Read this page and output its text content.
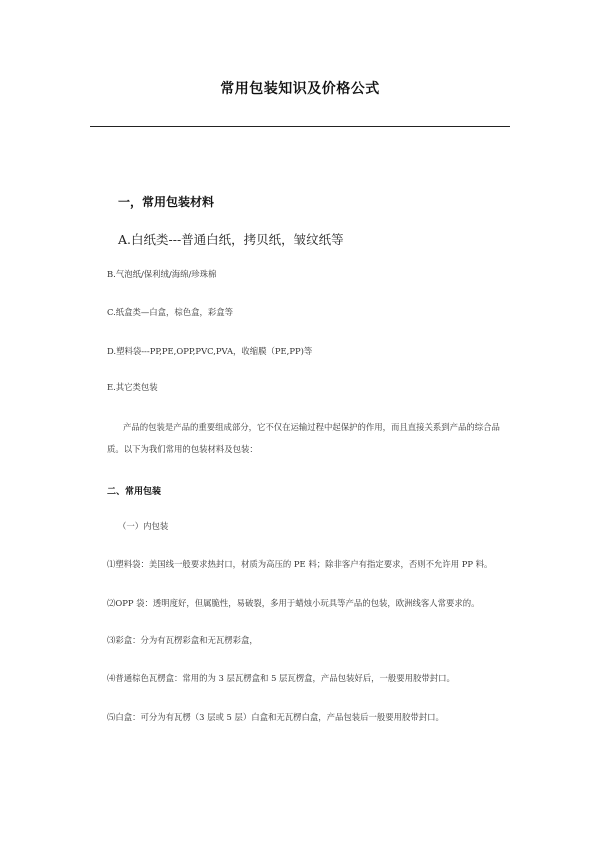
常用包装知识及价格公式
一，常用包装材料
A.白纸类---普通白纸，拷贝纸，皱纹纸等
B.气泡纸/保利绒/海绵/珍珠棉
C.纸盒类—白盒，棕色盒，彩盒等
D.塑料袋---PP,PE,OPP,PVC,PVA，收缩膜（PE,PP)等
E.其它类包装
产品的包装是产品的重要组成部分，它不仅在运输过程中起保护的作用，而且直接关系到产品的综合品质。以下为我们常用的包装材料及包装：
二、常用包装
（一）内包装
⑴塑料袋：美国线一般要求热封口，材质为高压的 PE 料；除非客户有指定要求，否则不允许用 PP 料。
⑵OPP 袋：透明度好，但属脆性，易破裂，多用于蜡烛小玩具等产品的包装，欧洲线客人常要求的。
⑶彩盒：分为有瓦楞彩盒和无瓦楞彩盒，
⑷普通棕色瓦楞盒：常用的为 3 层瓦楞盒和 5 层瓦楞盒，产品包装好后，一般要用胶带封口。
⑸白盒：可分为有瓦楞（3 层或 5 层）白盒和无瓦楞白盒，产品包装后一般要用胶带封口。
